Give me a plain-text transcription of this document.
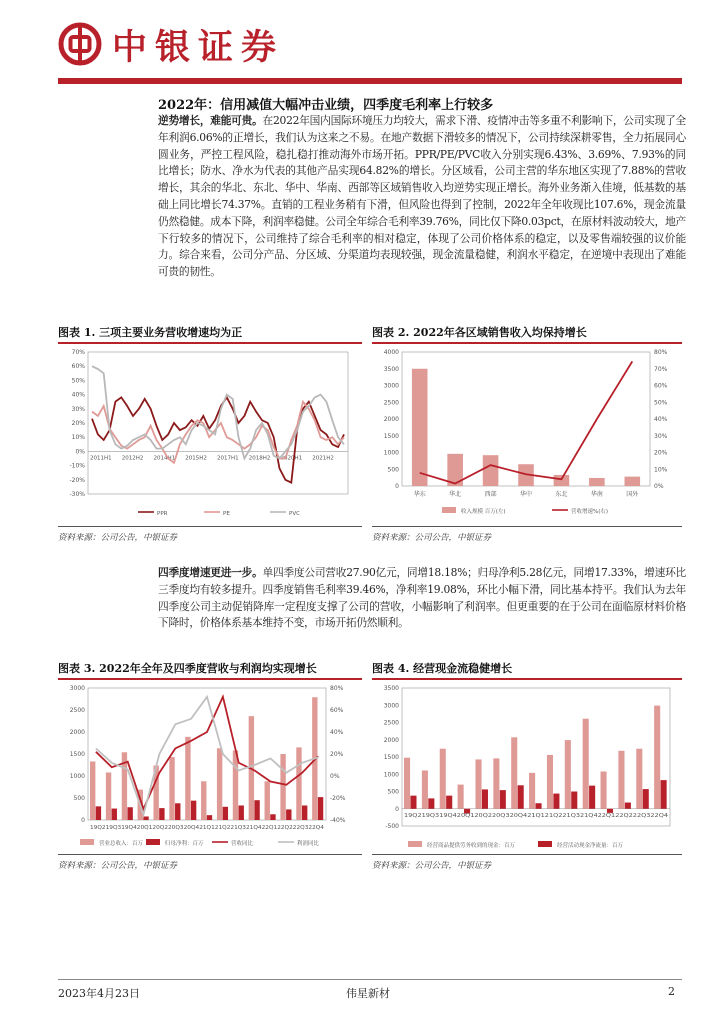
中银证券
2022年：信用减值大幅冲击业绩，四季度毛利率上行较多

逆势增长，难能可贵。在2022年国内国际环境压力均较大，需求下滑、疫情冲击等多重不利影响下，公司实现了全年利润6.06%的正增长，我们认为这来之不易。在地产数据下滑较多的情况下，公司持续深耕零售，全力拓展同心圆业务，严控工程风险，稳扎稳打推动海外市场开拓。PPR/PE/PVC收入分别实现6.43%、3.69%、7.93%的同比增长；防水、净水为代表的其他产品实现64.82%的增长。分区域看，公司主营的华东地区实现了7.88%的营收增长，其余的华北、东北、华中、华南、西部等区域销售收入均逆势实现正增长。海外业务渐入佳境，低基数的基础上同比增长74.37%。直销的工程业务稍有下滑，但风险也得到了控制，2022年全年收现比107.6%，现金流量仍然稳健。成本下降，利润率稳健。公司全年综合毛利率39.76%，同比仅下降0.03pct，在原材料波动较大，地产下行较多的情况下，公司维持了综合毛利率的相对稳定，体现了公司价格体系的稳定，以及零售端较强的议价能力。综合来看，公司分产品、分区域、分渠道均表现较强，现金流量稳健，利润水平稳定，在逆境中表现出了难能可贵的韧性。

图表 1. 三项主要业务营收增速均为正
-30%
-20%
-10%
0%
10%
20%
30%
40%
50%
60%
70%
2011H1 2012H2 2014H1 2015H2 2017H1 2018H2 2020H1 2021H2
PPR	PE	PVC
资料来源：公司公告，中银证券
图表 2. 2022年各区域销售收入均保持增长
0
500
1000
1500
2000
2500
3000
3500
4000
0%
10%
20%
30%
40%
50%
60%
70%
80%
华东	华北	西部	华中	东北	华南	国外
收入规模 百万(左)	营收增速%(右)
资料来源：公司公告，中银证券

四季度增速更进一步。单四季度公司营收27.90亿元，同增18.18%；归母净利5.28亿元，同增17.33%，增速环比三季度均有较多提升。四季度销售毛利率39.46%，净利率19.08%，环比小幅下滑，同比基本持平。我们认为去年四季度公司主动促销降库一定程度支撑了公司的营收，小幅影响了利润率。但更重要的在于公司在面临原材料价格下降时，价格体系基本维持不变，市场开拓仍然顺利。

图表 3. 2022年全年及四季度营收与利润均实现增长
0
500
1000
1500
2000
2500
3000
-40%
-20%
0%
20%
40%
60%
80%
19Q219Q319Q420Q120Q220Q320Q421Q121Q221Q321Q422Q122Q222Q322Q4
营业总收入：百万	归母净利：百万	营收同比	利润同比
资料来源：公司公告，中银证券
图表 4. 经营现金流稳健增长
-500
0
500
1000
1500
2000
2500
3000
3500
19Q219Q319Q420Q120Q220Q320Q421Q121Q221Q321Q422Q122Q222Q322Q4
经营商品提供劳务收到的现金：百万	经营活动现金净流量：百万
资料来源：公司公告，中银证券
2023年4月23日	伟星新材	2
